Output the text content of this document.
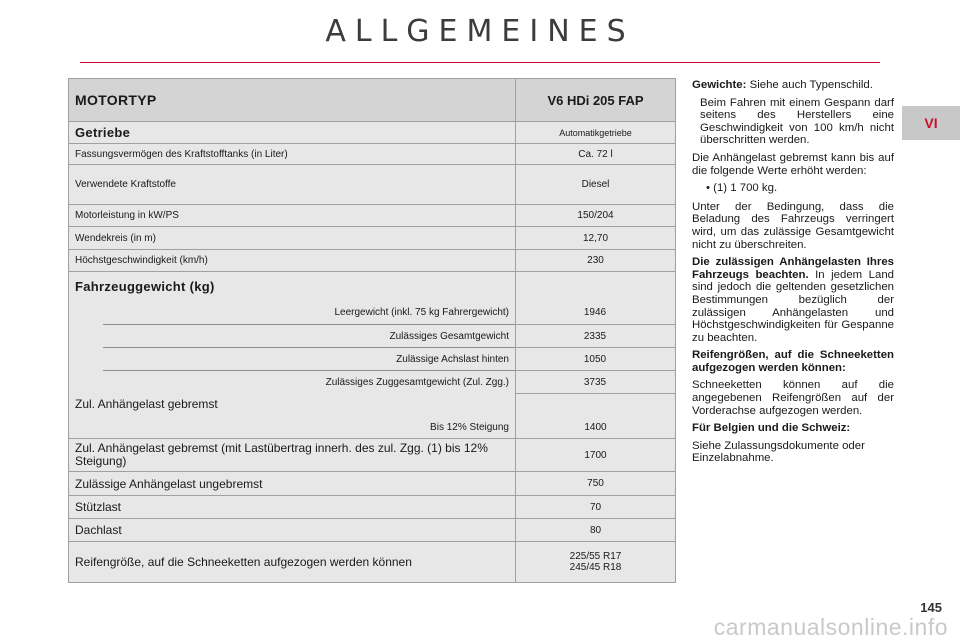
ALLGEMEINES
VI
MOTORTYP	V6 HDi 205 FAP
Getriebe	Automatikgetriebe
Fassungsvermögen des Kraftstofftanks (in Liter)	Ca. 72 l
Verwendete Kraftstoffe	Diesel
Motorleistung in kW/PS	150/204
Wendekreis (in m)	12,70
Höchstgeschwindigkeit (km/h)	230
Fahrzeuggewicht (kg)
Leergewicht (inkl. 75 kg Fahrergewicht)	1946
Zulässiges Gesamtgewicht	2335
Zulässige Achslast hinten	1050
Zulässiges Zuggesamtgewicht (Zul. Zgg.)	3735
Zul. Anhängelast gebremst
Bis 12% Steigung	1400
Zul. Anhängelast gebremst (mit Lastübertrag innerh. des zul. Zgg. (1) bis 12% Steigung)	1700
Zulässige Anhängelast ungebremst	750
Stützlast	70
Dachlast	80
Reifengröße, auf die Schneeketten aufgezogen werden können	225/55 R17
245/45 R18

Gewichte: Siehe auch Typenschild.

Beim Fahren mit einem Gespann darf seitens des Herstellers eine Geschwindigkeit von 100 km/h nicht überschritten werden.

Die Anhängelast gebremst kann bis auf die folgende Werte erhöht werden:

• (1) 1 700 kg.

Unter der Bedingung, dass die Beladung des Fahrzeugs verringert wird, um das zulässige Gesamtgewicht nicht zu überschreiten.

Die zulässigen Anhängelasten Ihres Fahrzeugs beachten. In jedem Land sind jedoch die geltenden gesetzlichen Bestimmungen bezüglich der zulässigen Anhängelasten und Höchstgeschwindigkeiten für Gespanne zu beachten.

Reifengrößen, auf die Schneeketten aufgezogen werden können:

Schneeketten können auf die angegebenen Reifengrößen auf der Vorderachse aufgezogen werden.

Für Belgien und die Schweiz:

Siehe Zulassungsdokumente oder Einzelabnahme.

145
carmanualsonline.info
